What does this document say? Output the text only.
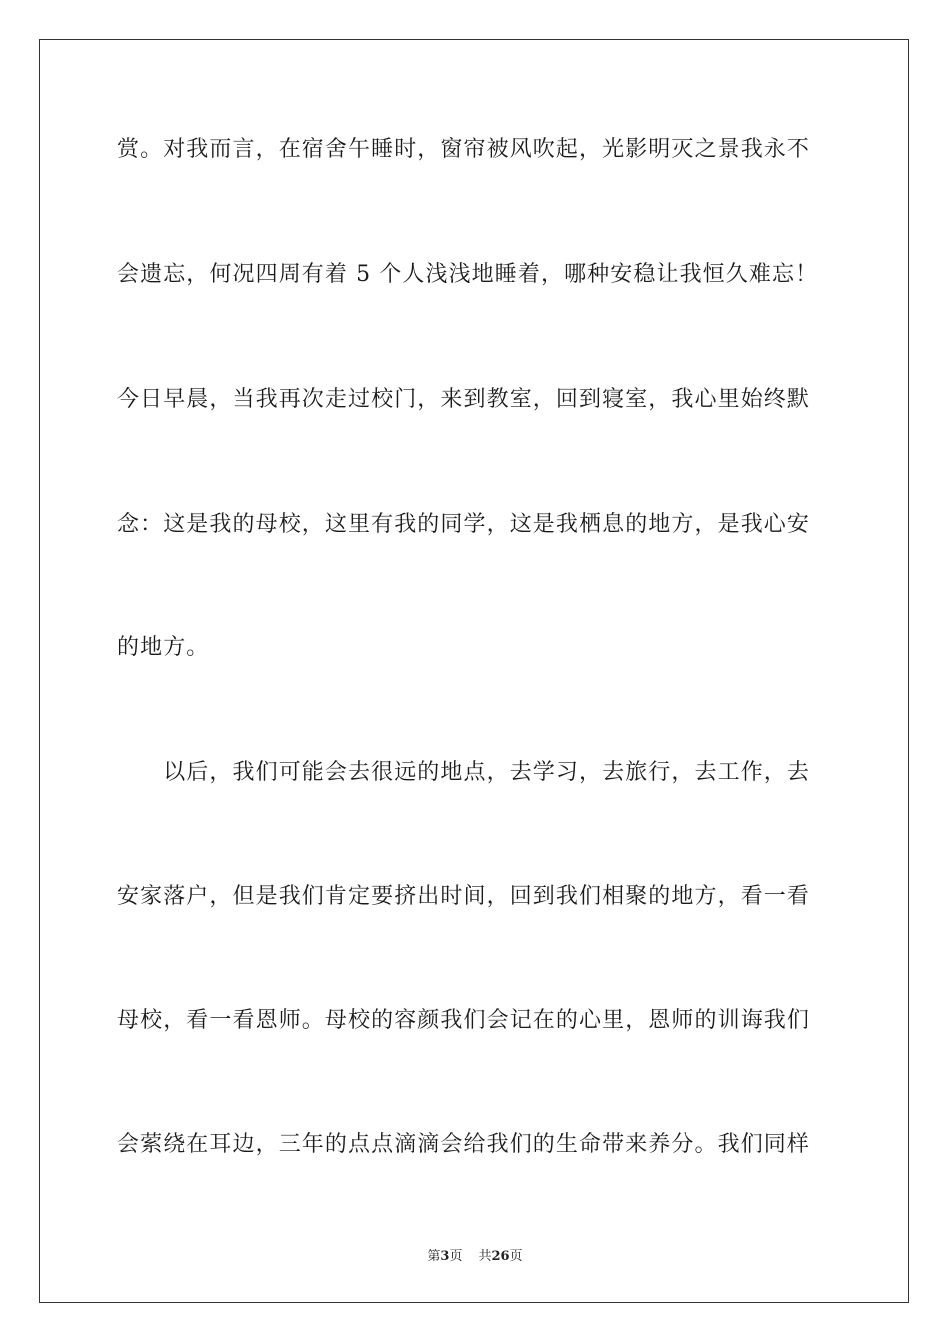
赏。对我而言，在宿舍午睡时，窗帘被风吹起，光影明灭之景我永不

会遗忘，何况四周有着 5 个人浅浅地睡着，哪种安稳让我恒久难忘！

今日早晨，当我再次走过校门，来到教室，回到寝室，我心里始终默

念：这是我的母校，这里有我的同学，这是我栖息的地方，是我心安

的地方。

　　以后，我们可能会去很远的地点，去学习，去旅行，去工作，去

安家落户，但是我们肯定要挤出时间，回到我们相聚的地方，看一看

母校，看一看恩师。母校的容颜我们会记在的心里，恩师的训诲我们

会萦绕在耳边，三年的点点滴滴会给我们的生命带来养分。我们同样

第3页 共26页
